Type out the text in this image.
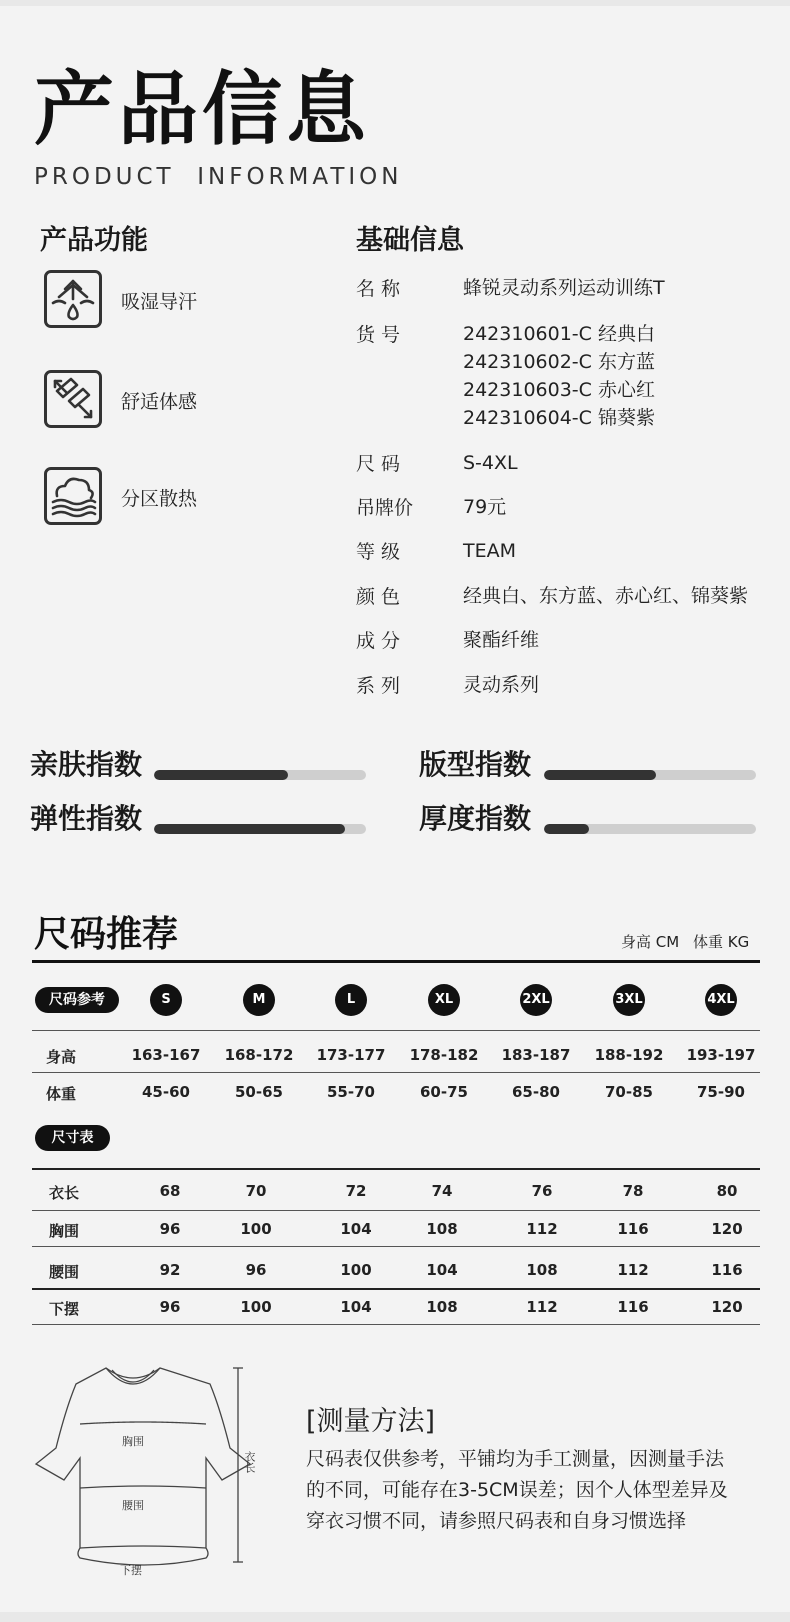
产品信息
PRODUCT  INFORMATION
产品功能
吸湿导汗
舒适体感
分区散热
基础信息
名 称	蜂锐灵动系列运动训练T
货 号	242310601-C 经典白
242310602-C 东方蓝
242310603-C 赤心红
242310604-C 锦葵紫
尺 码	S-4XL
吊牌价	79元
等 级	TEAM
颜 色	经典白、东方蓝、赤心红、锦葵紫
成 分	聚酯纤维
系 列	灵动系列
亲肤指数	版型指数
弹性指数	厚度指数
尺码推荐	身高 CM 体重 KG
尺码参考	S	M	L	XL	2XL	3XL	4XL
身高	163-167	168-172	173-177	178-182	183-187	188-192	193-197
体重	45-60	50-65	55-70	60-75	65-80	70-85	75-90
尺寸表
衣长	68	70	72	74	76	78	80
胸围	96	100	104	108	112	116	120
腰围	92	96	100	104	108	112	116
下摆	96	100	104	108	112	116	120
胸围
腰围
下摆
衣长
[测量方法]
尺码表仅供参考，平铺均为手工测量，因测量手法
的不同，可能存在3-5CM误差；因个人体型差异及
穿衣习惯不同，请参照尺码表和自身习惯选择
